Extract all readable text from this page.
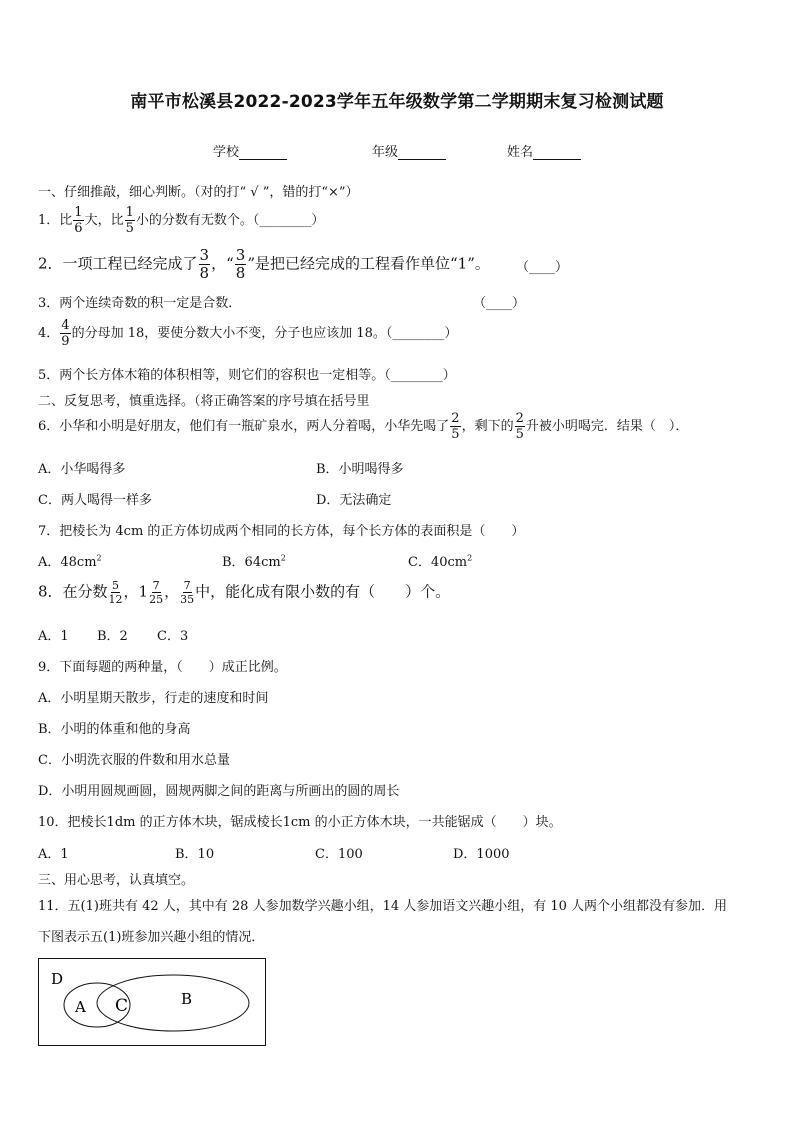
南平市松溪县2022-2023学年五年级数学第二学期期末复习检测试题
学校	年级	姓名
一、仔细推敲，细心判断。（对的打“ √ ”，错的打“×”）
1．比 $\frac{1}{6}$ 大，比 $\frac{1}{5}$ 小的分数有无数个。（________）
2．一项工程已经完成了 $\frac{3}{8}$ ，“ $\frac{3}{8}$ ”是把已经完成的工程看作单位“1”。 （____）
3．两个连续奇数的积一定是合数．	（____）
4． $\frac{4}{9}$ 的分母加 18，要使分数大小不变，分子也应该加 18。（________）
5．两个长方体木箱的体积相等，则它们的容积也一定相等。（________）
二、反复思考，慎重选择。（将正确答案的序号填在括号里
6．小华和小明是好朋友，他们有一瓶矿泉水，两人分着喝，小华先喝了 $\frac{2}{5}$ ，剩下的 $\frac{2}{5}$ 升被小明喝完．结果（　）．
A．小华喝得多	B．小明喝得多
C．两人喝得一样多	D．无法确定
7．把棱长为 4cm 的正方体切成两个相同的长方体，每个长方体的表面积是（　　）
A．$48cm^2$	B．$64cm^2$	C．$40cm^2$
8．在分数 $\frac{5}{12}$ ，$1 \frac{7}{25}$ ， $\frac{7}{35}$ 中，能化成有限小数的有（　　）个。
A．1 B．2 C．3
9．下面每题的两种量，（　　）成正比例。
A．小明星期天散步，行走的速度和时间
B．小明的体重和他的身高
C．小明洗衣服的件数和用水总量
D．小明用圆规画圆，圆规两脚之间的距离与所画出的圆的周长
10．把棱长1dm 的正方体木块，锯成棱长1cm 的小正方体木块，一共能锯成（　　）块。
A．1	B．10	C．100	D．1000
三、用心思考，认真填空。
11．五(1)班共有 42 人，其中有 28 人参加数学兴趣小组，14 人参加语文兴趣小组，有 10 人两个小组都没有参加．用
下图表示五(1)班参加兴趣小组的情况．
D
A C	B
